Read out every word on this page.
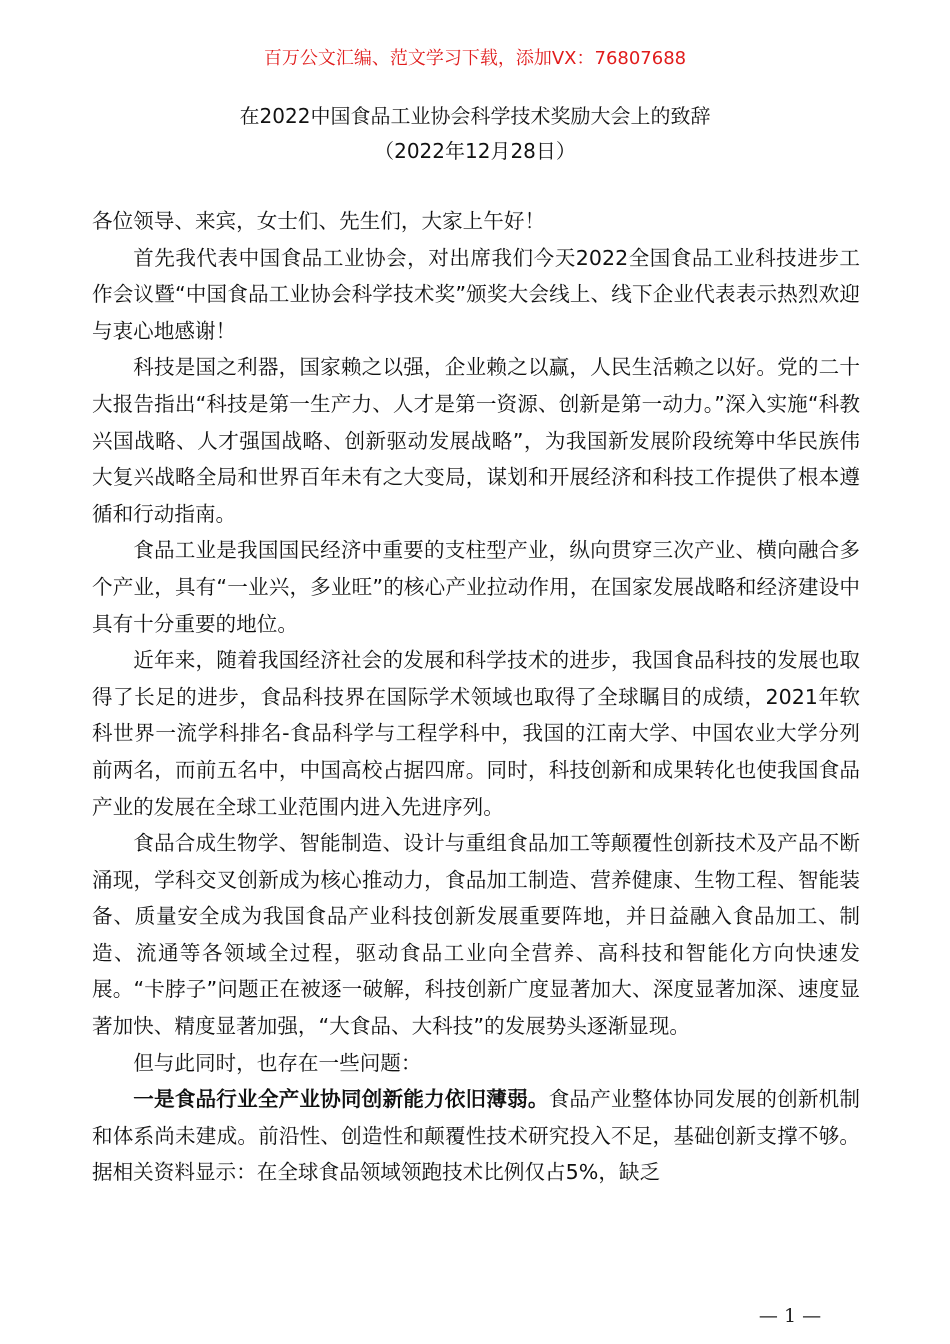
百万公文汇编、范文学习下载，添加VX：76807688
在2022中国食品工业协会科学技术奖励大会上的致辞
（2022年12月28日）

各位领导、来宾，女士们、先生们，大家上午好！

首先我代表中国食品工业协会，对出席我们今天2022全国食品工业科技进步工作会议暨“中国食品工业协会科学技术奖”颁奖大会线上、线下企业代表表示热烈欢迎与衷心地感谢！

科技是国之利器，国家赖之以强，企业赖之以赢，人民生活赖之以好。党的二十大报告指出“科技是第一生产力、人才是第一资源、创新是第一动力。”深入实施“科教兴国战略、人才强国战略、创新驱动发展战略”，为我国新发展阶段统筹中华民族伟大复兴战略全局和世界百年未有之大变局，谋划和开展经济和科技工作提供了根本遵循和行动指南。

食品工业是我国国民经济中重要的支柱型产业，纵向贯穿三次产业、横向融合多个产业，具有“一业兴，多业旺”的核心产业拉动作用，在国家发展战略和经济建设中具有十分重要的地位。

近年来，随着我国经济社会的发展和科学技术的进步，我国食品科技的发展也取得了长足的进步，食品科技界在国际学术领域也取得了全球瞩目的成绩，2021年软科世界一流学科排名-食品科学与工程学科中，我国的江南大学、中国农业大学分列前两名，而前五名中，中国高校占据四席。同时，科技创新和成果转化也使我国食品产业的发展在全球工业范围内进入先进序列。

食品合成生物学、智能制造、设计与重组食品加工等颠覆性创新技术及产品不断涌现，学科交叉创新成为核心推动力，食品加工制造、营养健康、生物工程、智能装备、质量安全成为我国食品产业科技创新发展重要阵地，并日益融入食品加工、制造、流通等各领域全过程，驱动食品工业向全营养、高科技和智能化方向快速发展。“卡脖子”问题正在被逐一破解，科技创新广度显著加大、深度显著加深、速度显著加快、精度显著加强，“大食品、大科技”的发展势头逐渐显现。

但与此同时，也存在一些问题：

一是食品行业全产业协同创新能力依旧薄弱。食品产业整体协同发展的创新机制和体系尚未建成。前沿性、创造性和颠覆性技术研究投入不足，基础创新支撑不够。据相关资料显示：在全球食品领域领跑技术比例仅占5%，缺乏

— 1 —
